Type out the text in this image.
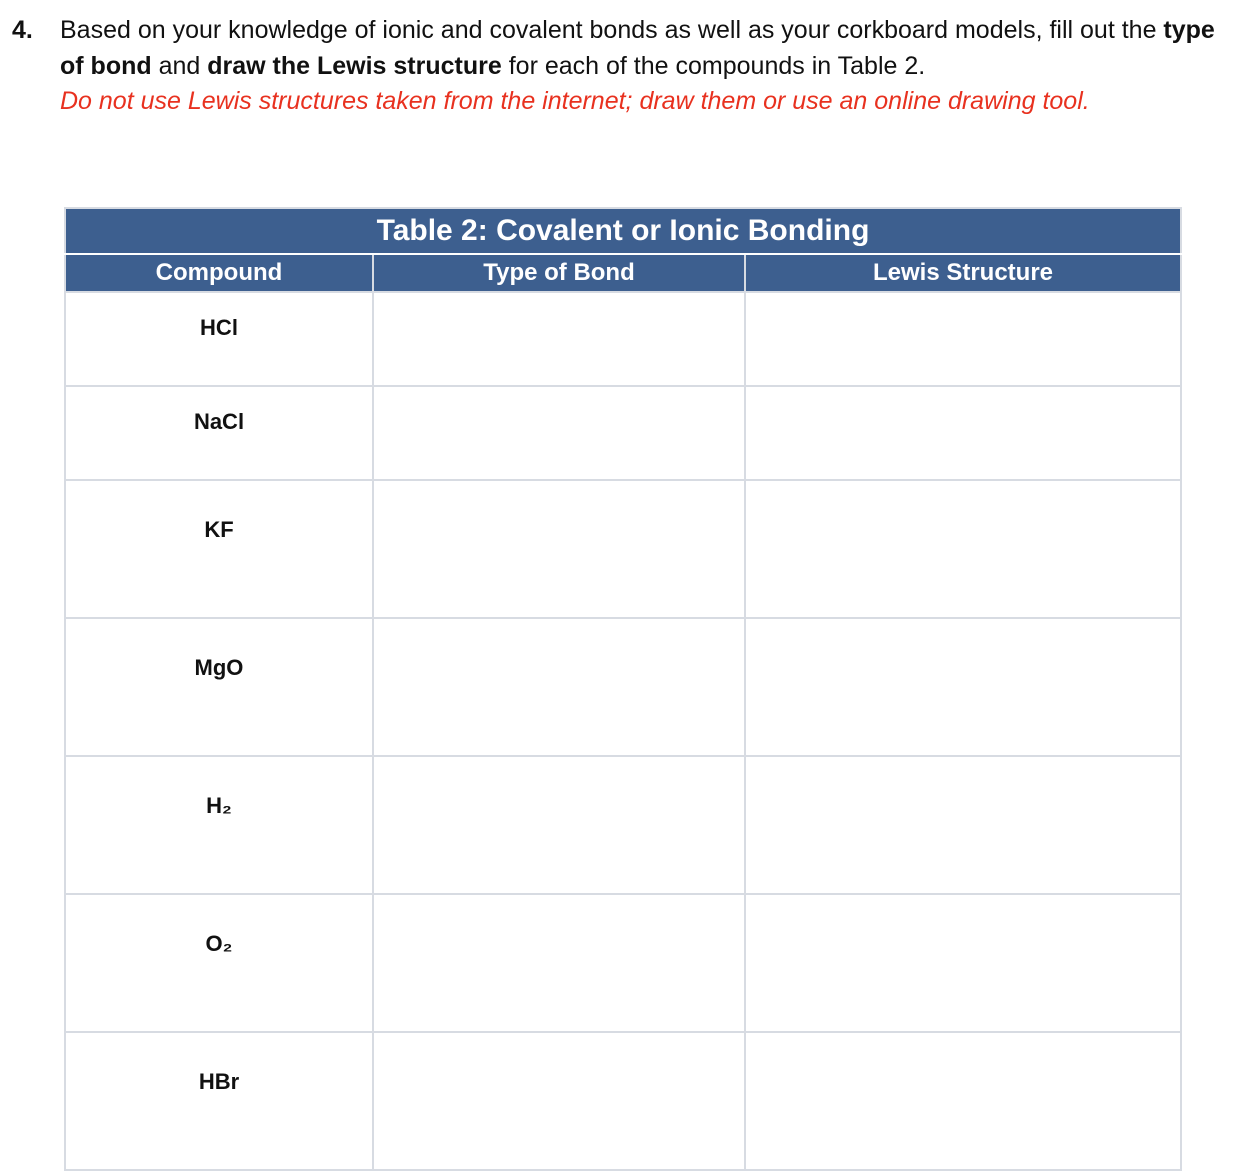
4. Based on your knowledge of ionic and covalent bonds as well as your corkboard models, fill out the type of bond and draw the Lewis structure for each of the compounds in Table 2.
Do not use Lewis structures taken from the internet; draw them or use an online drawing tool.
Table 2: Covalent or Ionic Bonding		
Compound	Type of Bond	Lewis Structure
HCl		
NaCl		
KF		
MgO		
H₂		
O₂		
HBr		
